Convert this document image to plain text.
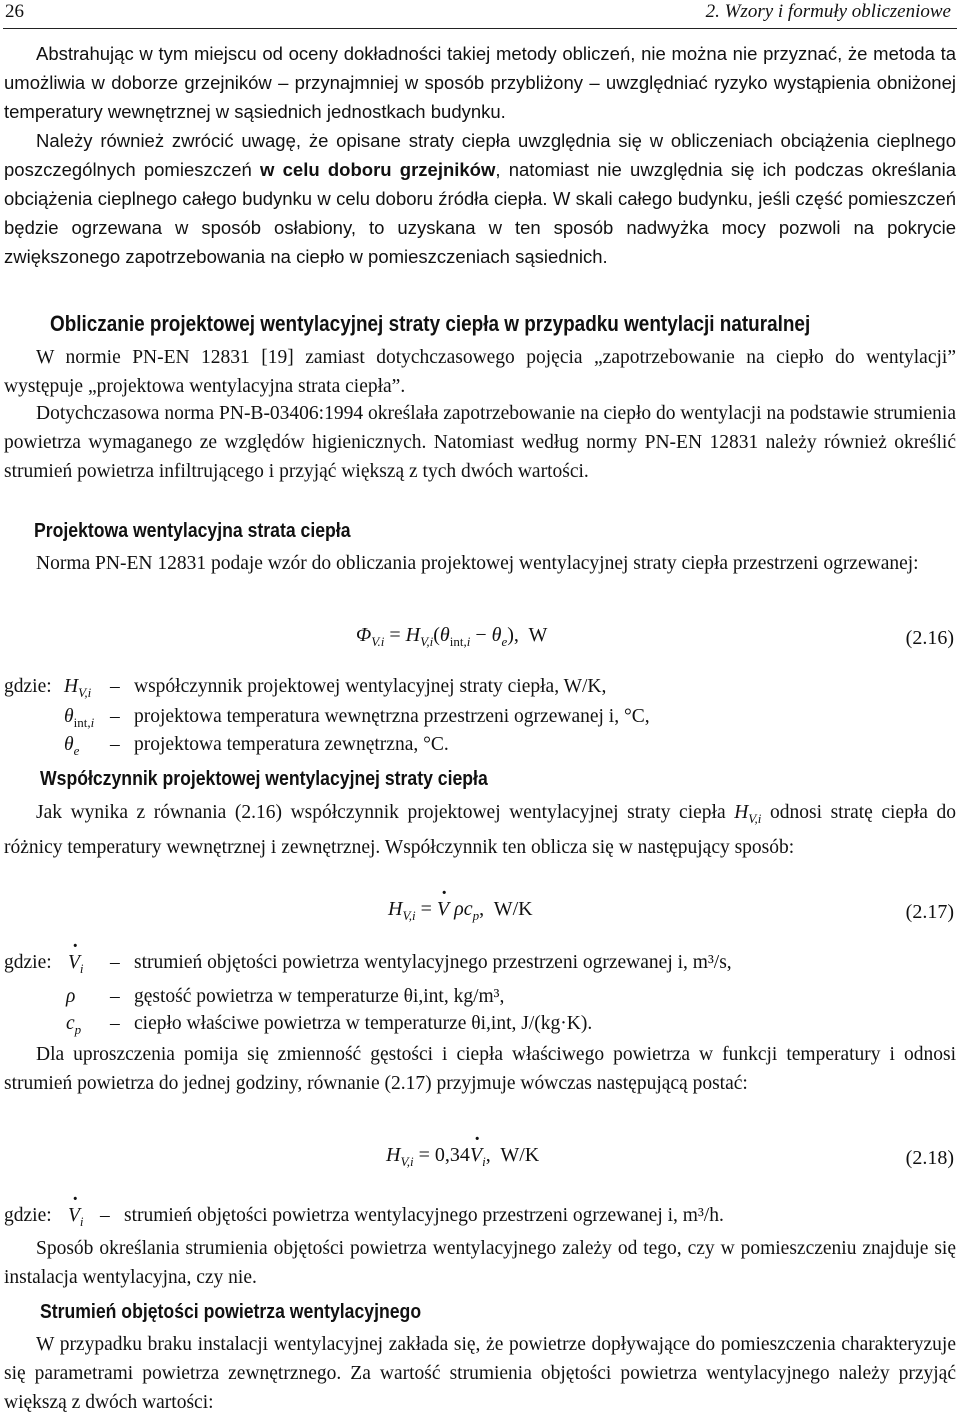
26	2. Wzory i formuły obliczeniowe

Abstrahując w tym miejscu od oceny dokładności takiej metody obliczeń, nie można nie przyznać, że metoda ta umożliwia w doborze grzejników – przynajmniej w sposób przybliżony – uwzględniać ryzyko wystąpienia obniżonej temperatury wewnętrznej w sąsiednich jednostkach budynku.

Należy również zwrócić uwagę, że opisane straty ciepła uwzględnia się w obliczeniach obciążenia cieplnego poszczególnych pomieszczeń w celu doboru grzejników, natomiast nie uwzględnia się ich podczas określania obciążenia cieplnego całego budynku w celu doboru źródła ciepła. W skali całego budynku, jeśli część pomieszczeń będzie ogrzewana w sposób osłabiony, to uzyskana w ten sposób nadwyżka mocy pozwoli na pokrycie zwiększonego zapotrzebowania na ciepło w pomieszczeniach sąsiednich.

Obliczanie projektowej wentylacyjnej straty ciepła w przypadku wentylacji naturalnej

W normie PN-EN 12831 [19] zamiast dotychczasowego pojęcia „zapotrzebowanie na ciepło do wentylacji” występuje „projektowa wentylacyjna strata ciepła”.

Dotychczasowa norma PN-B-03406:1994 określała zapotrzebowanie na ciepło do wentylacji na podstawie strumienia powietrza wymaganego ze względów higienicznych. Natomiast według normy PN-EN 12831 należy również określić strumień powietrza infiltrującego i przyjąć większą z tych dwóch wartości.

Projektowa wentylacyjna strata ciepła

Norma PN-EN 12831 podaje wzór do obliczania projektowej wentylacyjnej straty ciepła przestrzeni ogrzewanej:

$\Phi_{V.i} = H_{V,i}(\theta_{int,i} - \theta_e)$,  W	(2.16)
gdzie: $H_{V,i}$ – współczynnik projektowej wentylacyjnej straty ciepła, W/K,
$\theta_{int,i}$ – projektowa temperatura wewnętrzna przestrzeni ogrzewanej i, °C,
$\theta_e$ – projektowa temperatura zewnętrzna, °C.
Współczynnik projektowej wentylacyjnej straty ciepła

Jak wynika z równania (2.16) współczynnik projektowej wentylacyjnej straty ciepła $H_{V,i}$ odnosi stratę ciepła do różnicy temperatury wewnętrznej i zewnętrznej. Współczynnik ten oblicza się w następujący sposób:

$H_{V,i} = V \cdot \rho c_p$,  W/K	(2.17)
gdzie: $V \cdot_i$ – strumień objętości powietrza wentylacyjnego przestrzeni ogrzewanej i, m³/s,
ρ – gęstość powietrza w temperaturze θi,int, kg/m³,
$c_p$ – ciepło właściwe powietrza w temperaturze θi,int, J/(kg·K).

Dla uproszczenia pomija się zmienność gęstości i ciepła właściwego powietrza w funkcji temperatury i odnosi strumień powietrza do jednej godziny, równanie (2.17) przyjmuje wówczas następującą postać:

$H_{V,i} = 0,34V \cdot_i$,  W/K	(2.18)
gdzie: $V \cdot_i$ – strumień objętości powietrza wentylacyjnego przestrzeni ogrzewanej i, m³/h.

Sposób określania strumienia objętości powietrza wentylacyjnego zależy od tego, czy w pomieszczeniu znajduje się instalacja wentylacyjna, czy nie.

Strumień objętości powietrza wentylacyjnego

W przypadku braku instalacji wentylacyjnej zakłada się, że powietrze dopływające do pomieszczenia charakteryzuje się parametrami powietrza zewnętrznego. Za wartość strumienia objętości powietrza wentylacyjnego należy przyjąć większą z dwóch wartości:
